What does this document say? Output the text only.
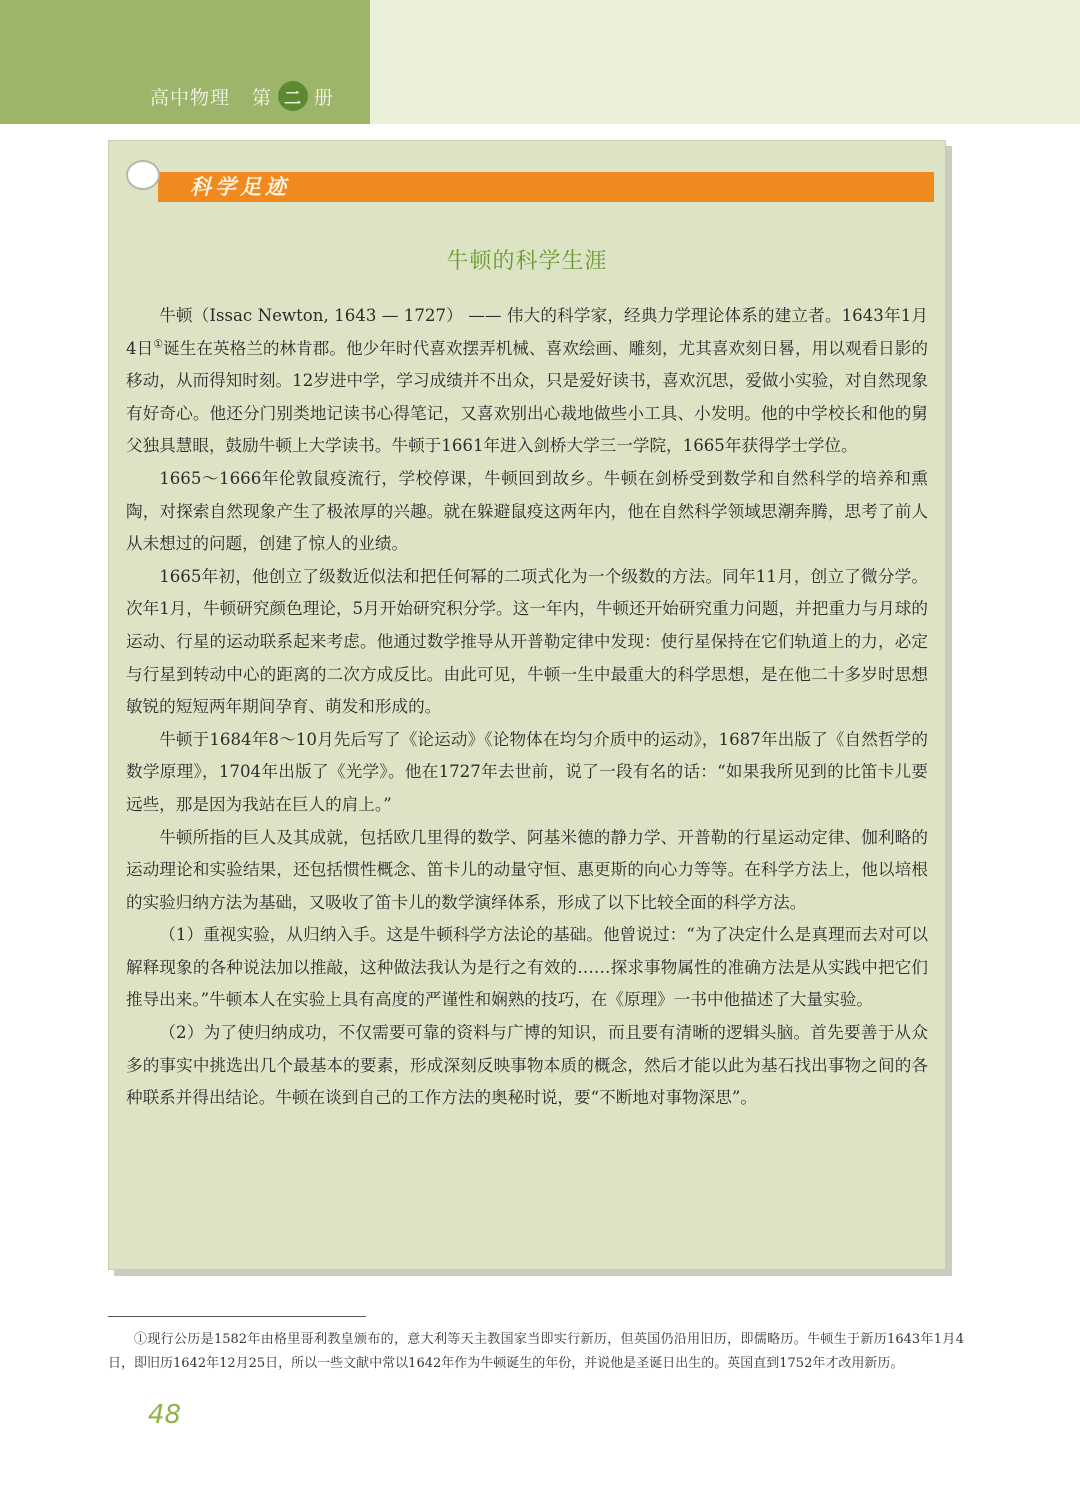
高中物理 第 二 册
科学足迹
牛顿的科学生涯

牛顿（Issac Newton, 1643 — 1727） —— 伟大的科学家，经典力学理论体系的建立者。1643年1月4日①诞生在英格兰的林肯郡。他少年时代喜欢摆弄机械、喜欢绘画、雕刻，尤其喜欢刻日晷，用以观看日影的移动，从而得知时刻。12岁进中学，学习成绩并不出众，只是爱好读书，喜欢沉思，爱做小实验，对自然现象有好奇心。他还分门别类地记读书心得笔记，又喜欢别出心裁地做些小工具、小发明。他的中学校长和他的舅父独具慧眼，鼓励牛顿上大学读书。牛顿于1661年进入剑桥大学三一学院，1665年获得学士学位。

1665～1666年伦敦鼠疫流行，学校停课，牛顿回到故乡。牛顿在剑桥受到数学和自然科学的培养和熏陶，对探索自然现象产生了极浓厚的兴趣。就在躲避鼠疫这两年内，他在自然科学领域思潮奔腾，思考了前人从未想过的问题，创建了惊人的业绩。

1665年初，他创立了级数近似法和把任何幂的二项式化为一个级数的方法。同年11月，创立了微分学。次年1月，牛顿研究颜色理论，5月开始研究积分学。这一年内，牛顿还开始研究重力问题，并把重力与月球的运动、行星的运动联系起来考虑。他通过数学推导从开普勒定律中发现：使行星保持在它们轨道上的力，必定与行星到转动中心的距离的二次方成反比。由此可见，牛顿一生中最重大的科学思想，是在他二十多岁时思想敏锐的短短两年期间孕育、萌发和形成的。

牛顿于1684年8～10月先后写了《论运动》《论物体在均匀介质中的运动》，1687年出版了《自然哲学的数学原理》，1704年出版了《光学》。他在1727年去世前，说了一段有名的话：“如果我所见到的比笛卡儿要远些，那是因为我站在巨人的肩上。”

牛顿所指的巨人及其成就，包括欧几里得的数学、阿基米德的静力学、开普勒的行星运动定律、伽利略的运动理论和实验结果，还包括惯性概念、笛卡儿的动量守恒、惠更斯的向心力等等。在科学方法上，他以培根的实验归纳方法为基础，又吸收了笛卡儿的数学演绎体系，形成了以下比较全面的科学方法。

（1）重视实验，从归纳入手。这是牛顿科学方法论的基础。他曾说过：“为了决定什么是真理而去对可以解释现象的各种说法加以推敲，这种做法我认为是行之有效的……探求事物属性的准确方法是从实践中把它们推导出来。”牛顿本人在实验上具有高度的严谨性和娴熟的技巧，在《原理》一书中他描述了大量实验。

（2）为了使归纳成功，不仅需要可靠的资料与广博的知识，而且要有清晰的逻辑头脑。首先要善于从众多的事实中挑选出几个最基本的要素，形成深刻反映事物本质的概念，然后才能以此为基石找出事物之间的各种联系并得出结论。牛顿在谈到自己的工作方法的奥秘时说，要“不断地对事物深思”。

①现行公历是1582年由格里哥利教皇颁布的，意大利等天主教国家当即实行新历，但英国仍沿用旧历，即儒略历。牛顿生于新历1643年1月4日，即旧历1642年12月25日，所以一些文献中常以1642年作为牛顿诞生的年份，并说他是圣诞日出生的。英国直到1752年才改用新历。
48
